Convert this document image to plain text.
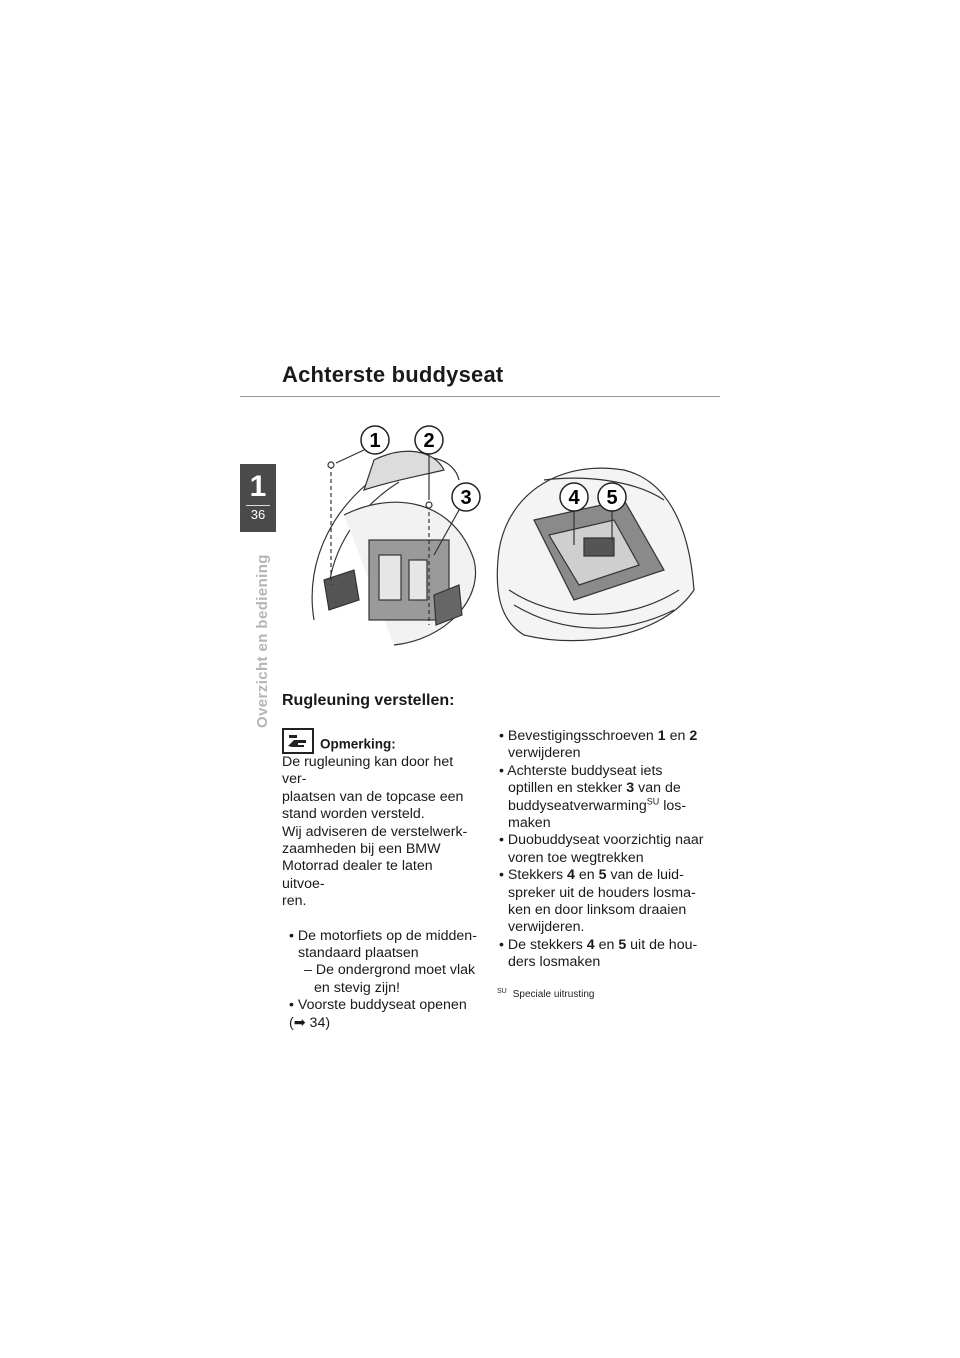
Achterste buddyseat
1
36
Overzicht en bediening
1 2
3	4 5
Rugleuning verstellen:

Opmerking:

De rugleuning kan door het ver-

plaatsen van de topcase een

stand worden versteld.

Wij adviseren de verstelwerk-

zaamheden bij een BMW

Motorrad dealer te laten uitvoe-

ren.

• De motorfiets op de midden- standaard plaatsen

– De ondergrond moet vlak en stevig zijn!

• Voorste buddyseat openen

(➡ 34)

• Bevestigingsschroeven 1 en 2 verwijderen

• Achterste buddyseat iets optillen en stekker 3 van de buddyseatverwarming$^{SU}$ los- maken

• Duobuddyseat voorzichtig naar voren toe wegtrekken

• Stekkers 4 en 5 van de luid- spreker uit de houders losma- ken en door linksom draaien verwijderen.

• De stekkers 4 en 5 uit de hou- ders losmaken

$^{SU}$ Speciale uitrusting
